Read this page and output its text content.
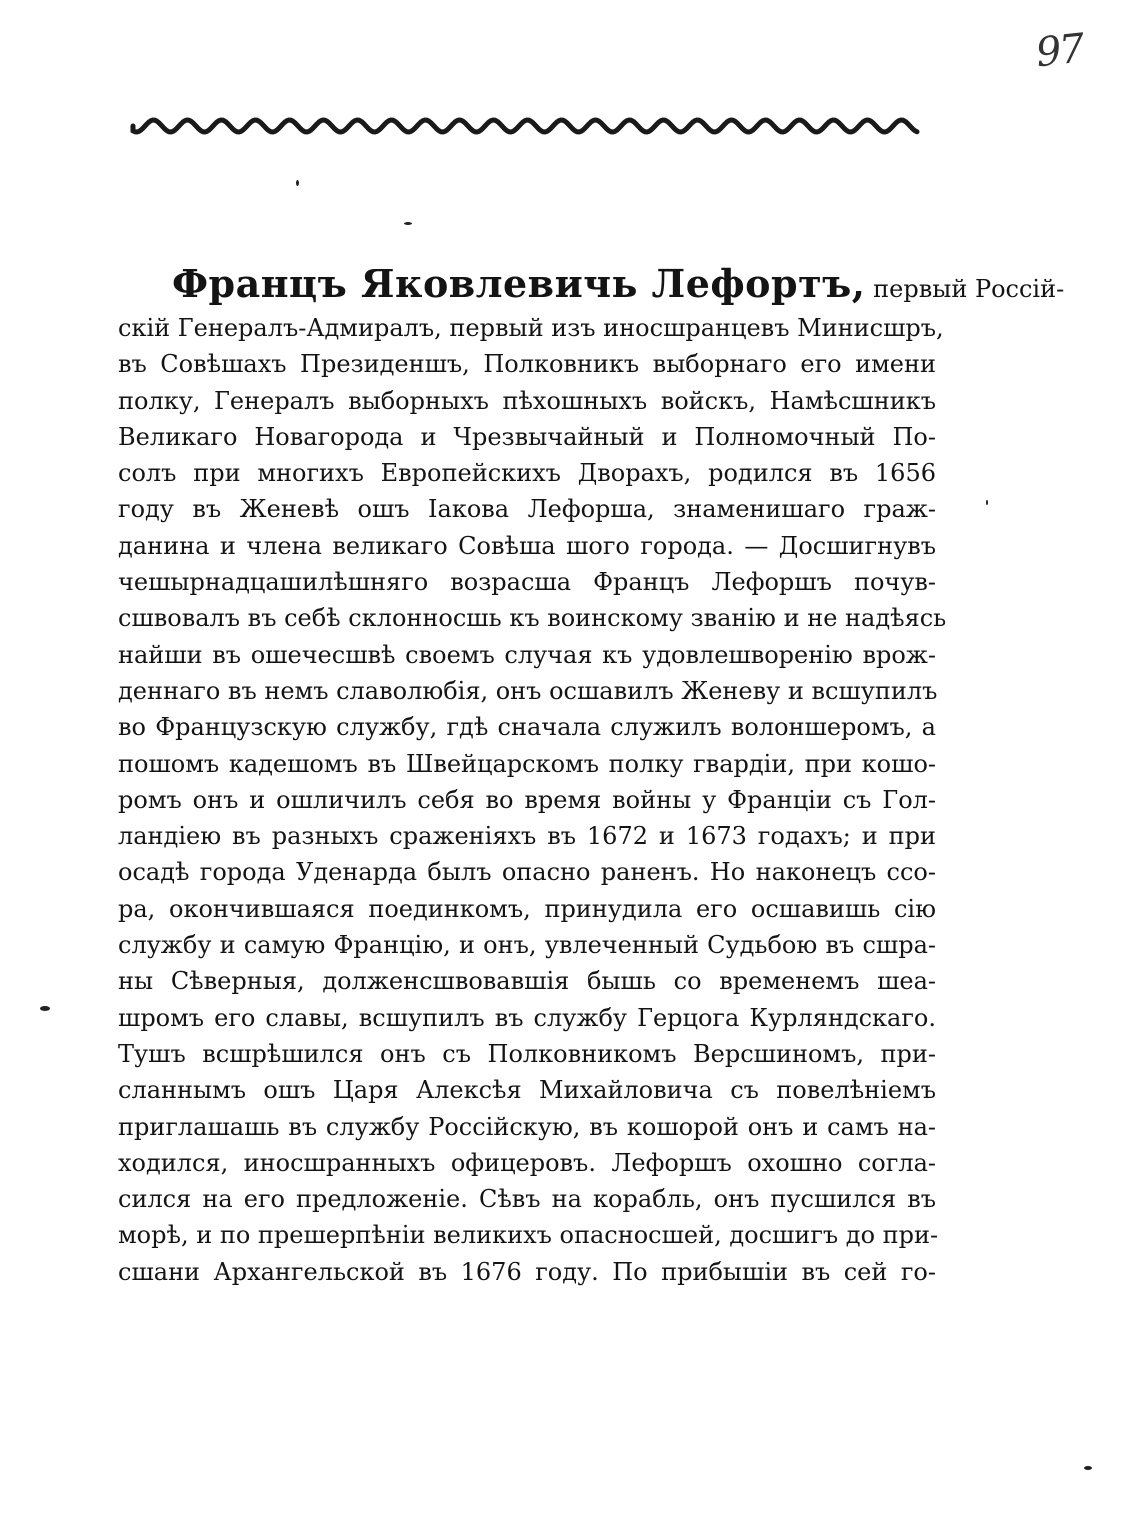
97
Францъ Яковлевичь Лефортъ, первый Россій-
скій Генералъ-Адмиралъ, первый изъ иносшранцевъ Минисшръ,
въ Совѣшахъ Президеншъ, Полковникъ выборнаго его имени
полку, Генералъ выборныхъ пѣхошныхъ войскъ, Намѣсшникъ
Великаго Новагорода и Чрезвычайный и Полномочный По-
солъ при многихъ Европейскихъ Дворахъ, родился въ 1656
году въ Женевѣ ошъ Іакова Лефорша, знаменишаго граж-
данина и члена великаго Совѣша шого города. — Досшигнувъ
чешырнадцашилѣшняго возрасша Францъ Лефоршъ почув-
сшвовалъ въ себѣ склонносшь къ воинскому званію и не надѣясь
найши въ ошечесшвѣ своемъ случая къ удовлешворенію врож-
деннаго въ немъ славолюбія, онъ осшавилъ Женеву и всшупилъ
во Французскую службу, гдѣ сначала служилъ волоншеромъ, а
пошомъ кадешомъ въ Швейцарскомъ полку гвардіи, при кошо-
ромъ онъ и ошличилъ себя во время войны у Франціи съ Гол-
ландіею въ разныхъ сраженіяхъ въ 1672 и 1673 годахъ; и при
осадѣ города Уденарда былъ опасно раненъ. Но наконецъ ссо-
ра, окончившаяся поединкомъ, принудила его осшавишь сію
службу и самую Францію, и онъ, увлеченный Судьбою въ сшра-
ны Сѣверныя, долженсшвовавшія бышь со временемъ шеа-
шромъ его славы, всшупилъ въ службу Герцога Курляндскаго.
Тушъ всшрѣшился онъ съ Полковникомъ Версшиномъ, при-
сланнымъ ошъ Царя Алексѣя Михайловича съ повелѣніемъ
приглашашь въ службу Россійскую, въ кошорой онъ и самъ на-
ходился, иносшранныхъ офицеровъ. Лефоршъ охошно согла-
сился на его предложеніе. Сѣвъ на корабль, онъ пусшился въ
морѣ, и по прешерпѣніи великихъ опасносшей, досшигъ до при-
сшани Архангельской въ 1676 году. По прибышіи въ сей го-
